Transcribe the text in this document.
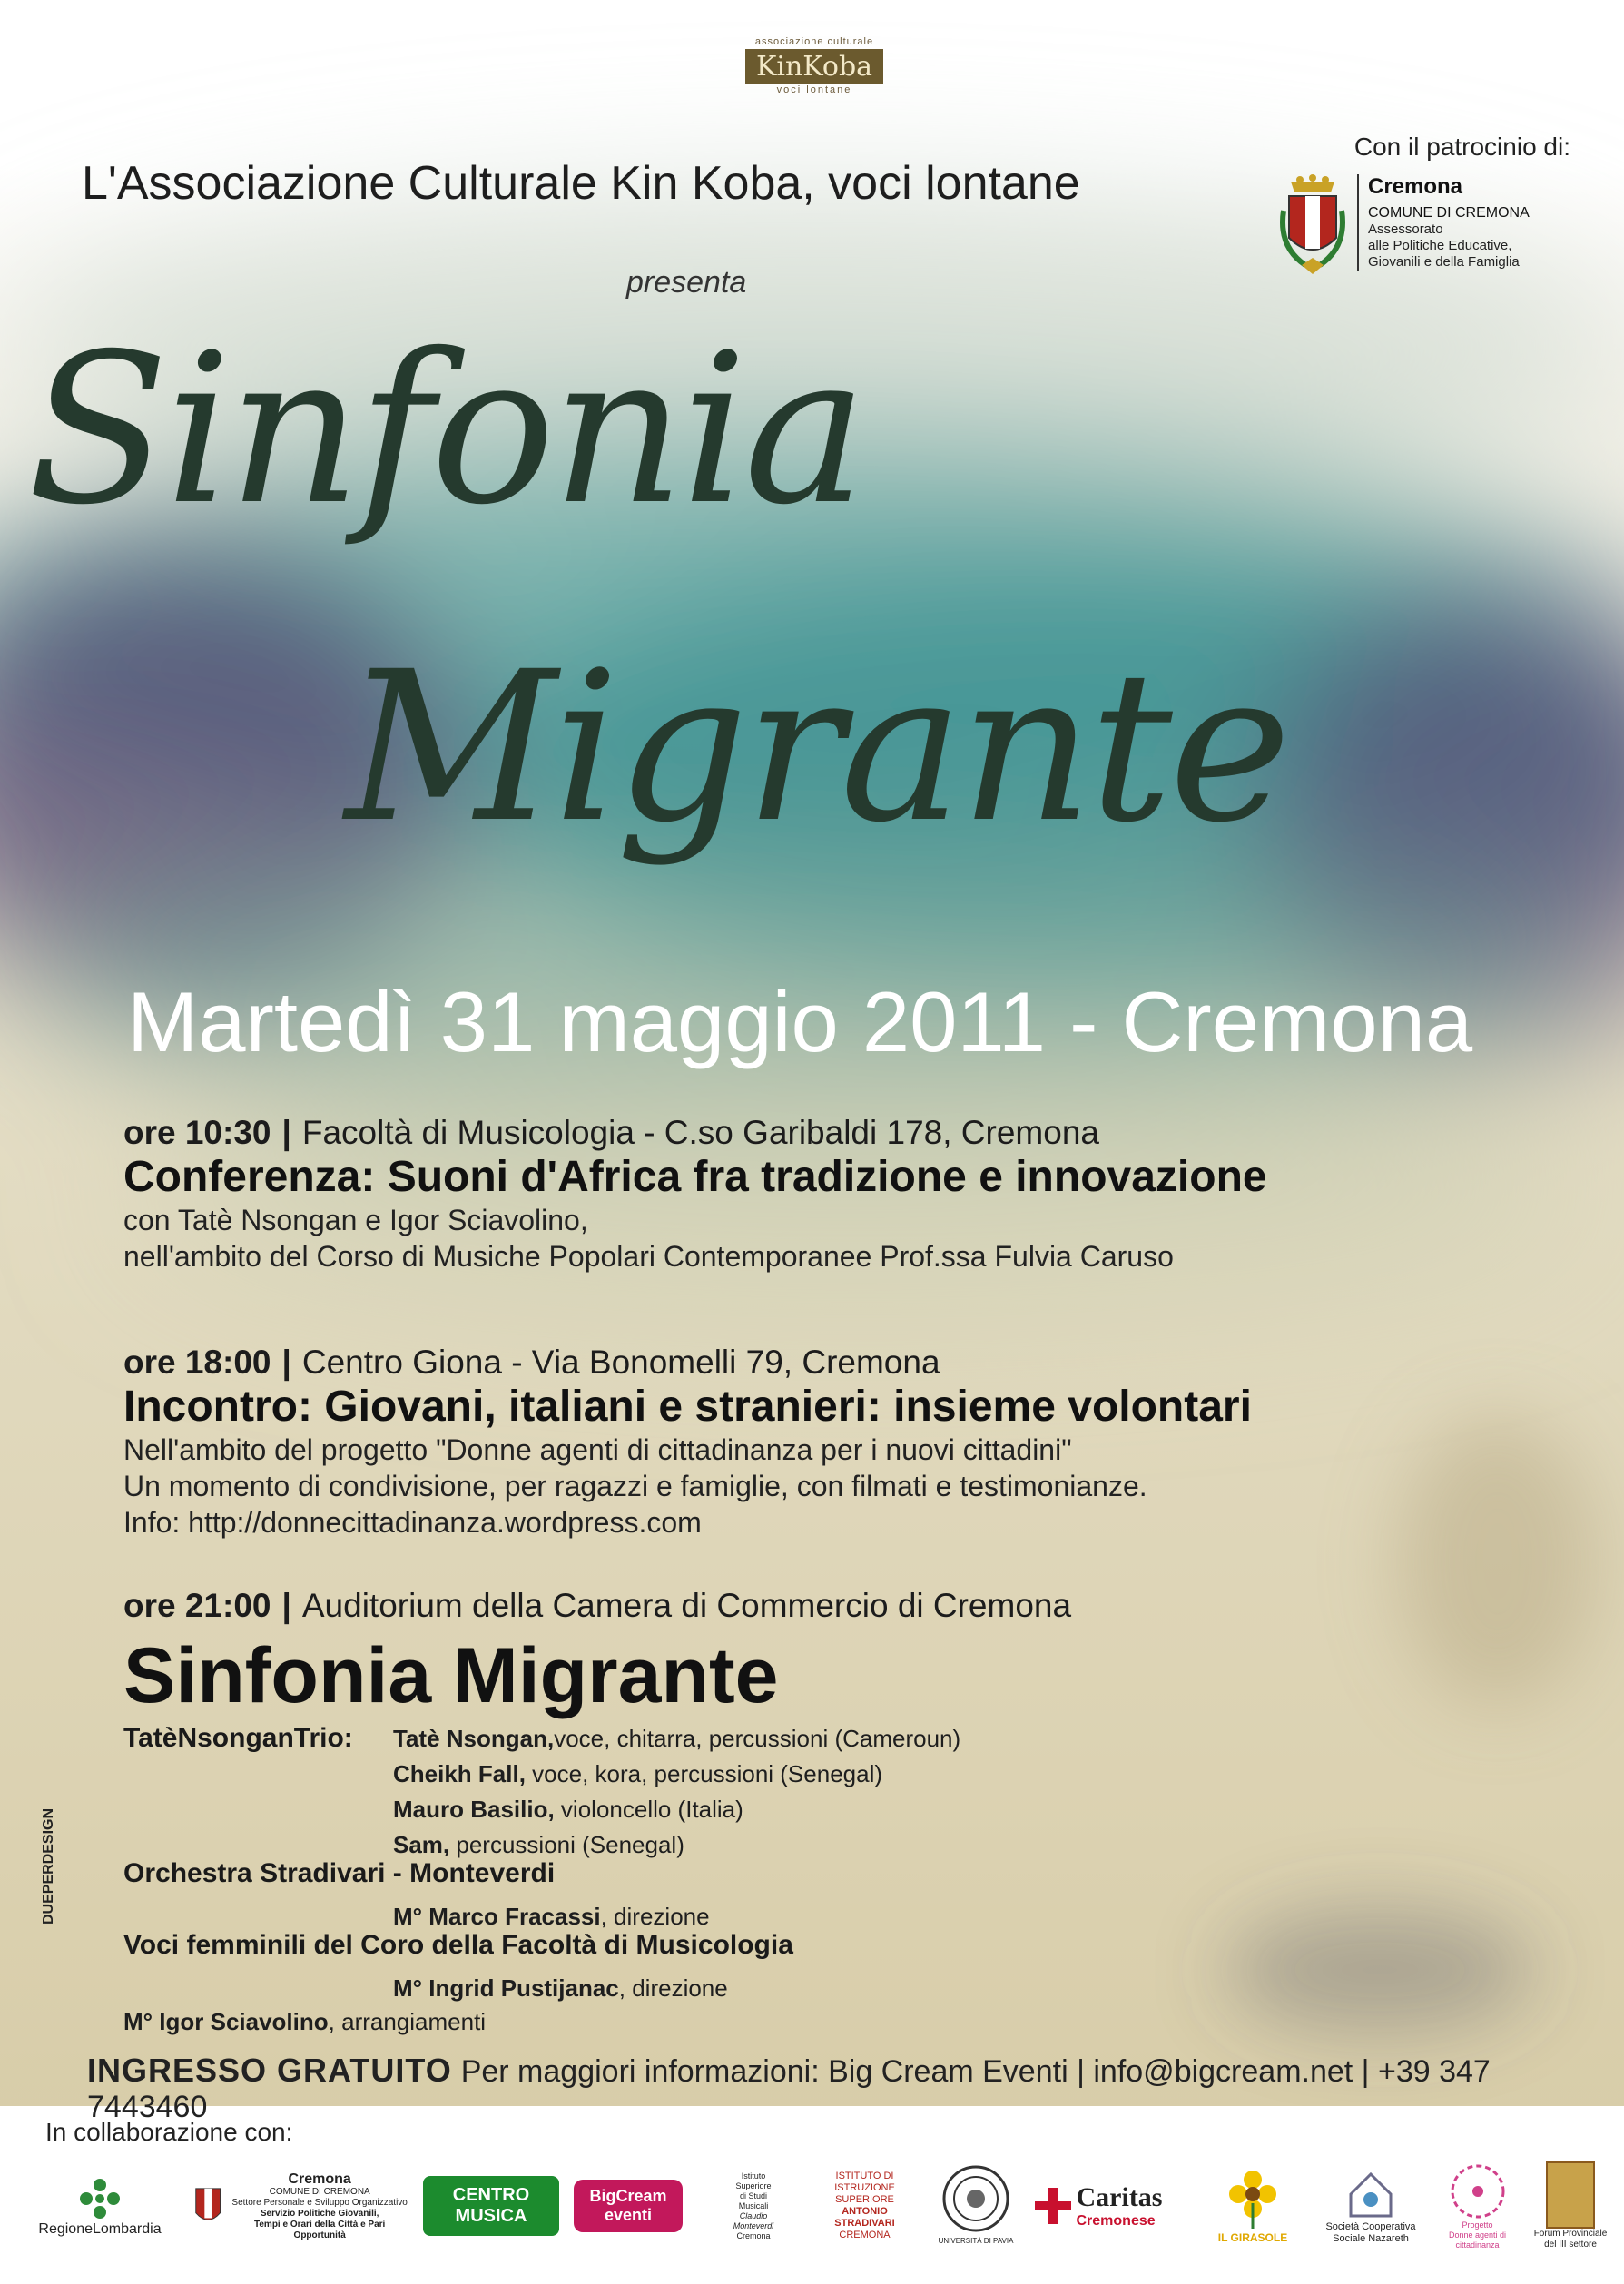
associazione culturale
KinKoba
voci lontane
L'Associazione Culturale Kin Koba, voci lontane
presenta
Con il patrocinio di:
Cremona
COMUNE DI CREMONA
Assessorato
alle Politiche Educative,
Giovanili e della Famiglia
Sinfonia
Migrante
Martedì 31 maggio 2011 - Cremona
ore 10:30 | Facoltà di Musicologia - C.so Garibaldi 178, Cremona
Conferenza: Suoni d'Africa fra tradizione e innovazione
con Tatè Nsongan e Igor Sciavolino,
nell'ambito del Corso di Musiche Popolari Contemporanee Prof.ssa Fulvia Caruso
ore 18:00 | Centro Giona - Via Bonomelli 79, Cremona
Incontro: Giovani, italiani e stranieri: insieme volontari
Nell'ambito del progetto "Donne agenti di cittadinanza per i nuovi cittadini"
Un momento di condivisione, per ragazzi e famiglie, con filmati e testimonianze.
Info: http://donnecittadinanza.wordpress.com
ore 21:00 | Auditorium della Camera di Commercio di Cremona
Sinfonia Migrante
TatèNsonganTrio: Tatè Nsongan,voce, chitarra, percussioni (Cameroun)
Cheikh Fall, voce, kora, percussioni (Senegal)
Mauro Basilio, violoncello (Italia)
Sam, percussioni (Senegal)
Orchestra Stradivari - Monteverdi
M° Marco Fracassi, direzione
Voci femminili del Coro della Facoltà di Musicologia
M° Ingrid Pustijanac, direzione
M° Igor Sciavolino, arrangiamenti
DUEPERDESIGN
INGRESSO GRATUITO Per maggiori informazioni: Big Cream Eventi | info@bigcream.net | +39 347 7443460
In collaborazione con:
RegioneLombardia
Cremona
COMUNE DI CREMONA
Settore Personale e Sviluppo Organizzativo
Servizio Politiche Giovanili,
Tempi e Orari della Città e Pari Opportunità
CENTRO MUSICA
BigCream eventi
Istituto
Superiore
di Studi
Musicali
Claudio
Monteverdi
Cremona
ISTITUTO DI
ISTRUZIONE
SUPERIORE
ANTONIO
STRADIVARI
CREMONA	UNIVERSITÀ DI PAVIA
Caritas
Cremonese
IL GIRASOLE
Società Cooperativa
Sociale Nazareth
Progetto
Donne agenti di cittadinanza
Forum Provinciale
del III settore
